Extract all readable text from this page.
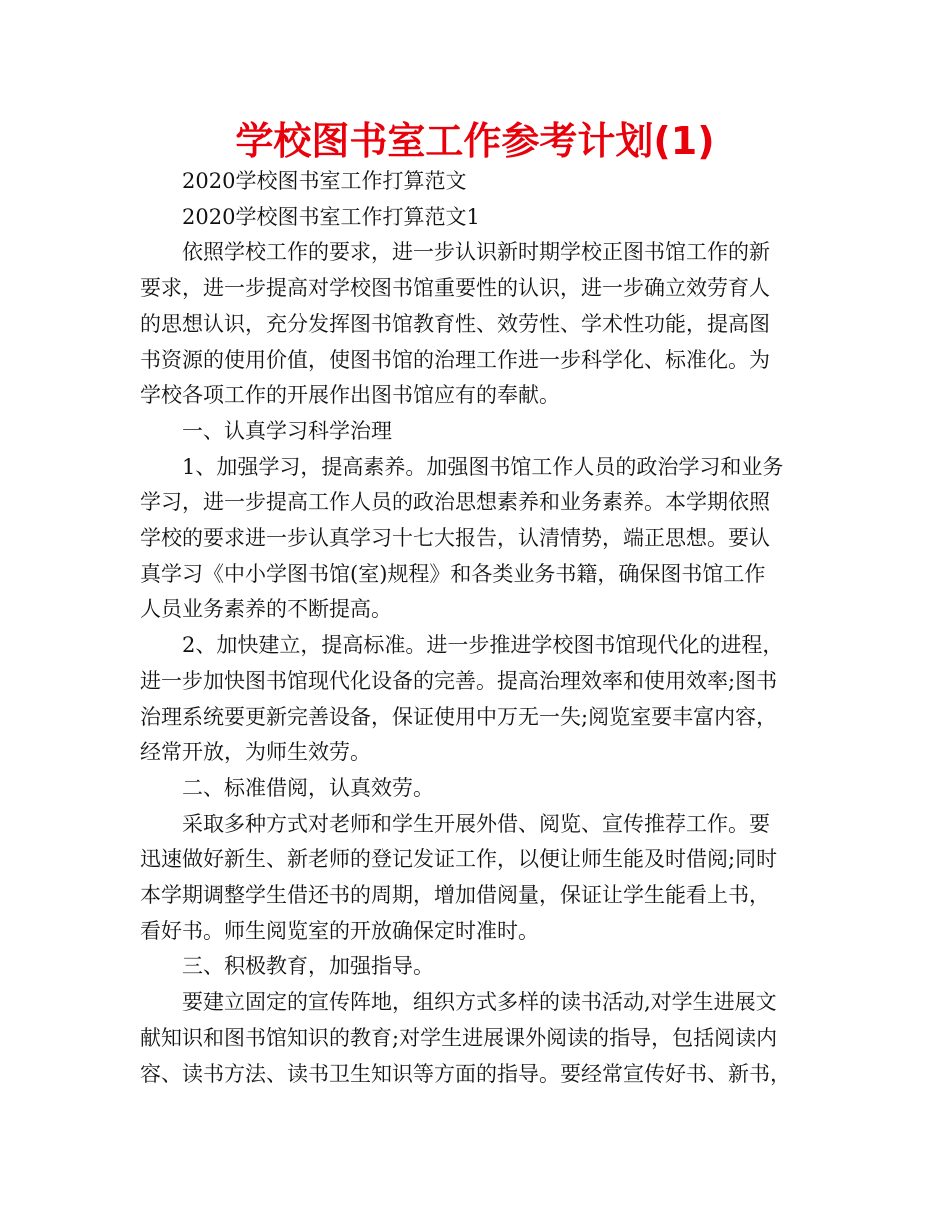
学校图书室工作参考计划(1)
2020学校图书室工作打算范文
2020学校图书室工作打算范文1
依照学校工作的要求，进一步认识新时期学校正图书馆工作的新
要求，进一步提高对学校图书馆重要性的认识，进一步确立效劳育人
的思想认识，充分发挥图书馆教育性、效劳性、学术性功能，提高图
书资源的使用价值，使图书馆的治理工作进一步科学化、标准化。为
学校各项工作的开展作出图书馆应有的奉献。
一、认真学习科学治理
1、加强学习，提高素养。加强图书馆工作人员的政治学习和业务
学习，进一步提高工作人员的政治思想素养和业务素养。本学期依照
学校的要求进一步认真学习十七大报告，认清情势，端正思想。要认
真学习《中小学图书馆(室)规程》和各类业务书籍，确保图书馆工作
人员业务素养的不断提高。
2、加快建立，提高标准。进一步推进学校图书馆现代化的进程，
进一步加快图书馆现代化设备的完善。提高治理效率和使用效率;图书
治理系统要更新完善设备，保证使用中万无一失;阅览室要丰富内容，
经常开放，为师生效劳。
二、标准借阅，认真效劳。
采取多种方式对老师和学生开展外借、阅览、宣传推荐工作。要
迅速做好新生、新老师的登记发证工作，以便让师生能及时借阅;同时
本学期调整学生借还书的周期，增加借阅量，保证让学生能看上书，
看好书。师生阅览室的开放确保定时准时。
三、积极教育，加强指导。
要建立固定的宣传阵地，组织方式多样的读书活动,对学生进展文
献知识和图书馆知识的教育;对学生进展课外阅读的指导，包括阅读内
容、读书方法、读书卫生知识等方面的指导。要经常宣传好书、新书，
